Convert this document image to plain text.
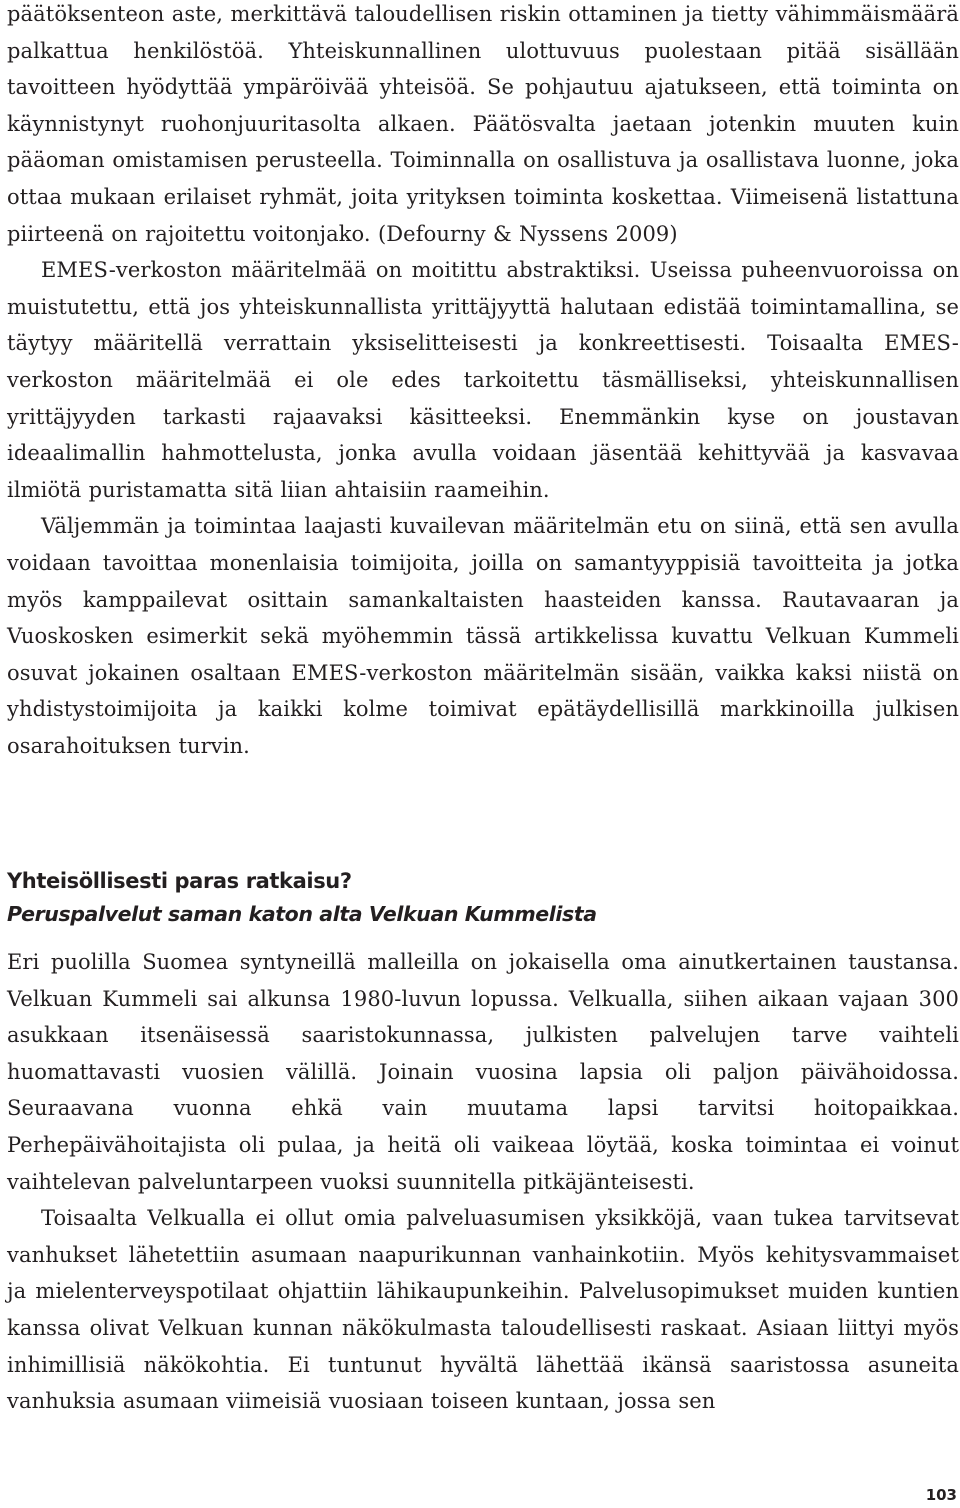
päätöksenteon aste, merkittävä taloudellisen riskin ottaminen ja tietty vähimmäismäärä palkattua henkilöstöä. Yhteiskunnallinen ulottuvuus puolestaan pitää sisällään tavoitteen hyödyttää ympäröivää yhteisöä. Se pohjautuu ajatukseen, että toiminta on käynnistynyt ruohonjuuritasolta alkaen. Päätösvalta jaetaan jotenkin muuten kuin pääoman omistamisen perusteella. Toiminnalla on osallistuva ja osallistava luonne, joka ottaa mukaan erilaiset ryhmät, joita yrityksen toiminta koskettaa. Viimeisenä listattuna piirteenä on rajoitettu voitonjako. (Defourny & Nyssens 2009)

EMES-verkoston määritelmää on moitittu abstraktiksi. Useissa puheenvuoroissa on muistutettu, että jos yhteiskunnallista yrittäjyyttä halutaan edistää toimintamallina, se täytyy määritellä verrattain yksiselitteisesti ja konkreettisesti. Toisaalta EMES-verkoston määritelmää ei ole edes tarkoitettu täsmälliseksi, yhteiskunnallisen yrittäjyyden tarkasti rajaavaksi käsitteeksi. Enemmänkin kyse on joustavan ideaalimallin hahmottelusta, jonka avulla voidaan jäsentää kehittyvää ja kasvavaa ilmiötä puristamatta sitä liian ahtaisiin raameihin.

Väljemmän ja toimintaa laajasti kuvailevan määritelmän etu on siinä, että sen avulla voidaan tavoittaa monenlaisia toimijoita, joilla on samantyyppisiä tavoitteita ja jotka myös kamppailevat osittain samankaltaisten haasteiden kanssa. Rautavaaran ja Vuoskosken esimerkit sekä myöhemmin tässä artikkelissa kuvattu Velkuan Kummeli osuvat jokainen osaltaan EMES-verkoston määritelmän sisään, vaikka kaksi niistä on yhdistystoimijoita ja kaikki kolme toimivat epätäydellisillä markkinoilla julkisen osarahoituksen turvin.

Yhteisöllisesti paras ratkaisu?
Peruspalvelut saman katon alta Velkuan Kummelista

Eri puolilla Suomea syntyneillä malleilla on jokaisella oma ainutkertainen taustansa. Velkuan Kummeli sai alkunsa 1980-luvun lopussa. Velkualla, siihen aikaan vajaan 300 asukkaan itsenäisessä saaristokunnassa, julkisten palvelujen tarve vaihteli huomattavasti vuosien välillä. Joinain vuosina lapsia oli paljon päivähoidossa. Seuraavana vuonna ehkä vain muutama lapsi tarvitsi hoitopaikkaa. Perhepäivähoitajista oli pulaa, ja heitä oli vaikeaa löytää, koska toimintaa ei voinut vaihtelevan palveluntarpeen vuoksi suunnitella pitkäjänteisesti.

Toisaalta Velkualla ei ollut omia palveluasumisen yksikköjä, vaan tukea tarvitsevat vanhukset lähetettiin asumaan naapurikunnan vanhainkotiin. Myös kehitysvammaiset ja mielenterveyspotilaat ohjattiin lähikaupunkeihin. Palvelusopimukset muiden kuntien kanssa olivat Velkuan kunnan näkökulmasta taloudellisesti raskaat. Asiaan liittyi myös inhimillisiä näkökohtia. Ei tuntunut hyvältä lähettää ikänsä saaristossa asuneita vanhuksia asumaan viimeisiä vuosiaan toiseen kuntaan, jossa sen

103
